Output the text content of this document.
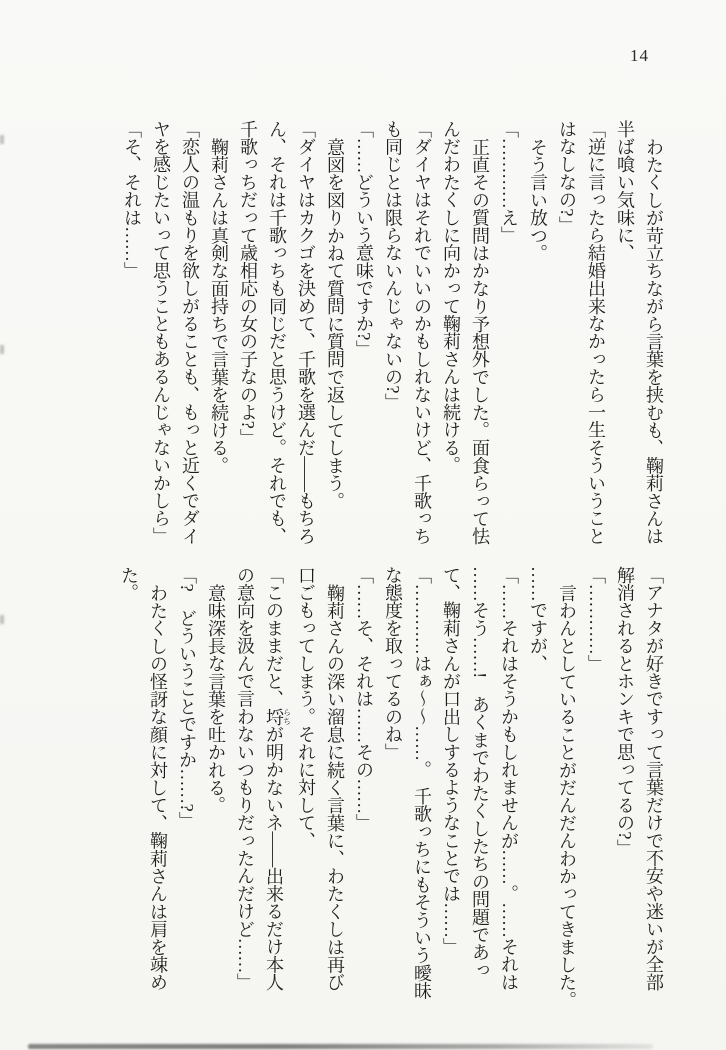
14
わたくしが苛立ちながら言葉を挟むも、鞠莉さんは
半ば喰い気味に、
「逆に言ったら結婚出来なかったら一生そういうこと
はなしなの?」
そう言い放つ。
「…………え」
正直その質問はかなり予想外でした。面食らって怯
んだわたくしに向かって鞠莉さんは続ける。
「ダイヤはそれでいいのかもしれないけど、千歌っち
も同じとは限らないんじゃないの?」
「……どういう意味ですか?」
意図を図りかねて質問に質問で返してしまう。
「ダイヤはカクゴを決めて、千歌を選んだ――もちろ
ん、それは千歌っちも同じだと思うけど。それでも、
千歌っちだって歳相応の女の子なのよ?」
鞠莉さんは真剣な面持ちで言葉を続ける。
「恋人の温もりを欲しがることも、もっと近くでダイ
ヤを感じたいって思うこともあるんじゃないかしら」
「そ、それは……」
「アナタが好きですって言葉だけで不安や迷いが全部
解消されるとホンキで思ってるの?」
「…………」
言わんとしていることがだんだんわかってきました。
……ですが、
「……それはそうかもしれませんが……。……それは
……そう……!　あくまでわたくしたちの問題であっ
て、鞠莉さんが口出しするようなことでは……」
「…………はぁ〜〜……。　千歌っちにもそういう曖昧
な態度を取ってるのね」
「……そ、それは……その……」
鞠莉さんの深い溜息に続く言葉に、わたくしは再び
口ごもってしまう。それに対して、
「このままだと、埒らちが明かないネ――出来るだけ本人
の意向を汲んで言わないつもりだったんだけど……」
意味深長な言葉を吐かれる。
「?　どういうことですか……?」
わたくしの怪訝な顔に対して、鞠莉さんは肩を竦め
た。
